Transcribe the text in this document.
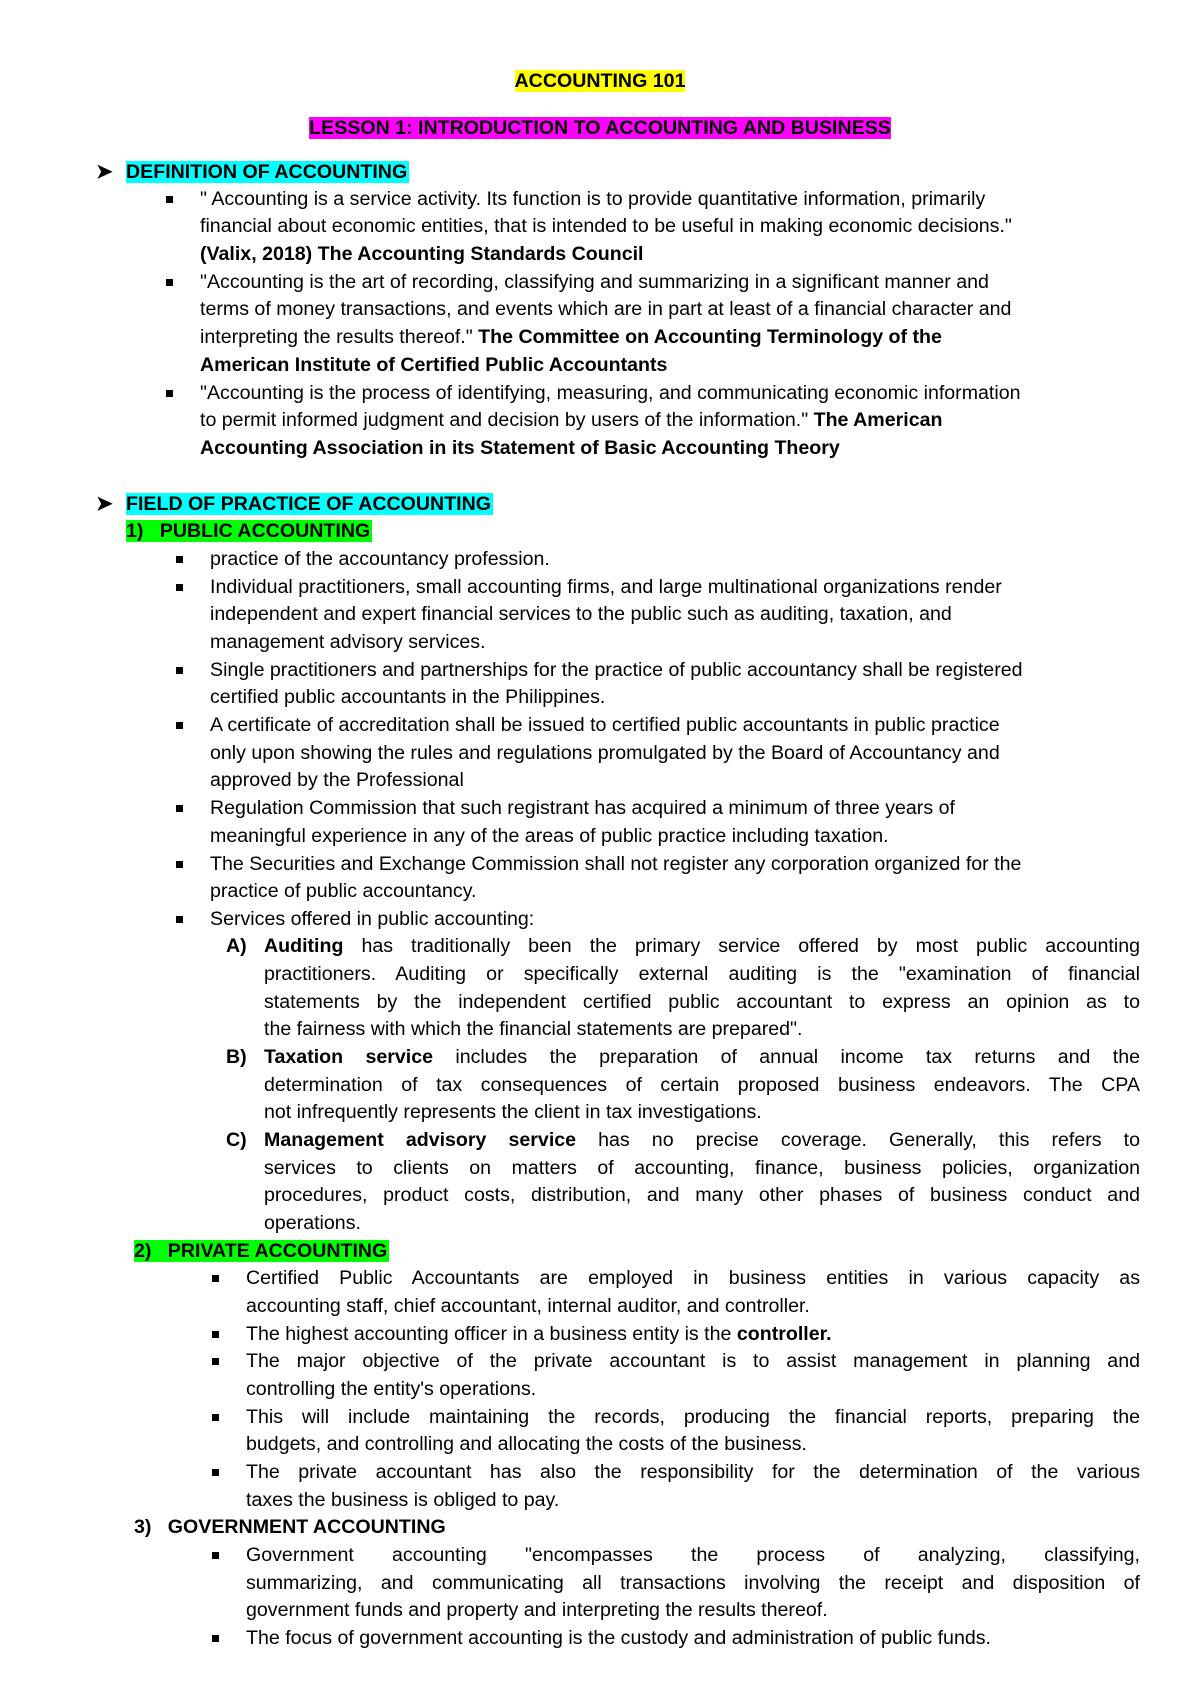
ACCOUNTING 101
LESSON 1: INTRODUCTION TO ACCOUNTING AND BUSINESS
➤ DEFINITION OF ACCOUNTING
" Accounting is a service activity. Its function is to provide quantitative information, primarily
financial about economic entities, that is intended to be useful in making economic decisions."
(Valix, 2018) The Accounting Standards Council
"Accounting is the art of recording, classifying and summarizing in a significant manner and
terms of money transactions, and events which are in part at least of a financial character and
interpreting the results thereof." The Committee on Accounting Terminology of the
American Institute of Certified Public Accountants
"Accounting is the process of identifying, measuring, and communicating economic information
to permit informed judgment and decision by users of the information." The American
Accounting Association in its Statement of Basic Accounting Theory
➤ FIELD OF PRACTICE OF ACCOUNTING
1) PUBLIC ACCOUNTING
practice of the accountancy profession.
Individual practitioners, small accounting firms, and large multinational organizations render
independent and expert financial services to the public such as auditing, taxation, and
management advisory services.
Single practitioners and partnerships for the practice of public accountancy shall be registered
certified public accountants in the Philippines.
A certificate of accreditation shall be issued to certified public accountants in public practice
only upon showing the rules and regulations promulgated by the Board of Accountancy and
approved by the Professional
Regulation Commission that such registrant has acquired a minimum of three years of
meaningful experience in any of the areas of public practice including taxation.
The Securities and Exchange Commission shall not register any corporation organized for the
practice of public accountancy.
Services offered in public accounting:
A) Auditing has traditionally been the primary service offered by most public accounting
practitioners. Auditing or specifically external auditing is the "examination of financial
statements by the independent certified public accountant to express an opinion as to
the fairness with which the financial statements are prepared".
B) Taxation service includes the preparation of annual income tax returns and the
determination of tax consequences of certain proposed business endeavors. The CPA
not infrequently represents the client in tax investigations.
C) Management advisory service has no precise coverage. Generally, this refers to
services to clients on matters of accounting, finance, business policies, organization
procedures, product costs, distribution, and many other phases of business conduct and
operations.
2) PRIVATE ACCOUNTING
Certified Public Accountants are employed in business entities in various capacity as
accounting staff, chief accountant, internal auditor, and controller.
The highest accounting officer in a business entity is the controller.
The major objective of the private accountant is to assist management in planning and
controlling the entity's operations.
This will include maintaining the records, producing the financial reports, preparing the
budgets, and controlling and allocating the costs of the business.
The private accountant has also the responsibility for the determination of the various
taxes the business is obliged to pay.
3) GOVERNMENT ACCOUNTING
Government accounting "encompasses the process of analyzing, classifying,
summarizing, and communicating all transactions involving the receipt and disposition of
government funds and property and interpreting the results thereof.
The focus of government accounting is the custody and administration of public funds.
